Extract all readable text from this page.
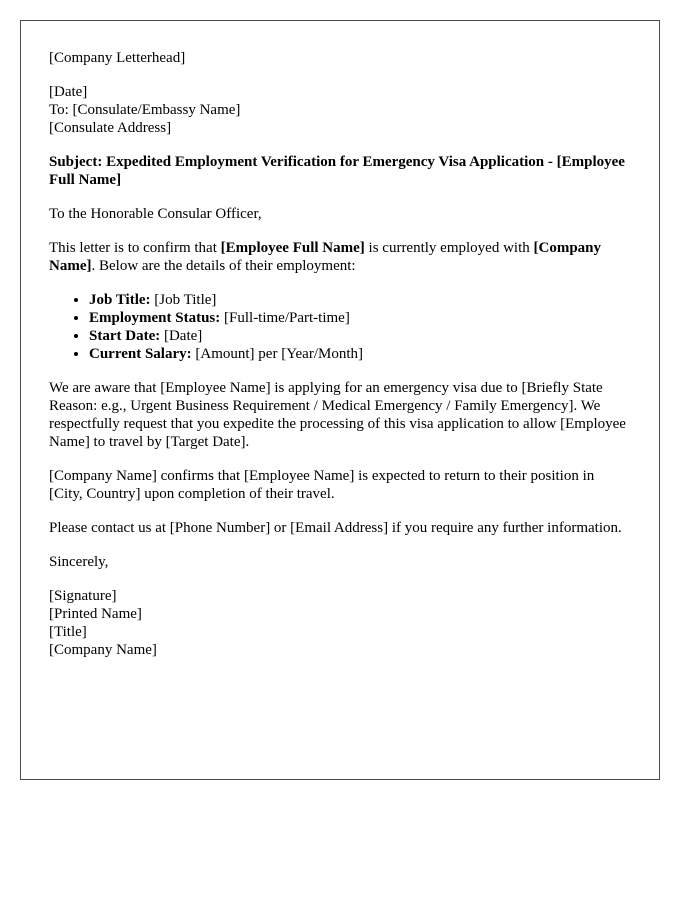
[Company Letterhead]

[Date]
To: [Consulate/Embassy Name]
[Consulate Address]

Subject: Expedited Employment Verification for Emergency Visa Application - [Employee Full Name]

To the Honorable Consular Officer,

This letter is to confirm that [Employee Full Name] is currently employed with [Company Name]. Below are the details of their employment:

• Job Title: [Job Title]
• Employment Status: [Full-time/Part-time]
• Start Date: [Date]
• Current Salary: [Amount] per [Year/Month]

We are aware that [Employee Name] is applying for an emergency visa due to [Briefly State Reason: e.g., Urgent Business Requirement / Medical Emergency / Family Emergency]. We respectfully request that you expedite the processing of this visa application to allow [Employee Name] to travel by [Target Date].

[Company Name] confirms that [Employee Name] is expected to return to their position in [City, Country] upon completion of their travel.

Please contact us at [Phone Number] or [Email Address] if you require any further information.

Sincerely,

[Signature]
[Printed Name]
[Title]
[Company Name]
